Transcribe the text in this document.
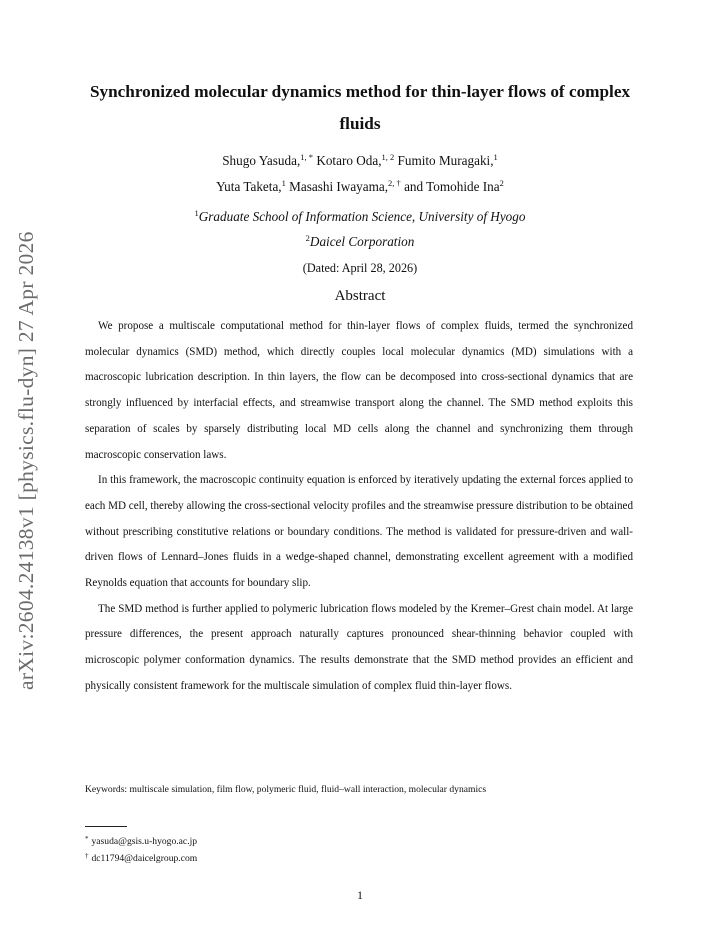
arXiv:2604.24138v1 [physics.flu-dyn] 27 Apr 2026
Synchronized molecular dynamics method for thin-layer flows of complex fluids
Shugo Yasuda,$^{1, *}$ Kotaro Oda,$^{1, 2}$ Fumito Muragaki,$^1$
Yuta Taketa,$^1$ Masashi Iwayama,$^{2, \dagger}$ and Tomohide Ina$^2$
$^1$Graduate School of Information Science, University of Hyogo
$^2$Daicel Corporation
(Dated: April 28, 2026)
Abstract

We propose a multiscale computational method for thin-layer flows of complex fluids, termed the synchronized molecular dynamics (SMD) method, which directly couples local molecular dynamics (MD) simulations with a macroscopic lubrication description. In thin layers, the flow can be decomposed into cross-sectional dynamics that are strongly influenced by interfacial effects, and streamwise transport along the channel. The SMD method exploits this separation of scales by sparsely distributing local MD cells along the channel and synchronizing them through macroscopic conservation laws.

In this framework, the macroscopic continuity equation is enforced by iteratively updating the external forces applied to each MD cell, thereby allowing the cross-sectional velocity profiles and the streamwise pressure distribution to be obtained without prescribing constitutive relations or boundary conditions. The method is validated for pressure-driven and wall-driven flows of Lennard–Jones fluids in a wedge-shaped channel, demonstrating excellent agreement with a modified Reynolds equation that accounts for boundary slip.

The SMD method is further applied to polymeric lubrication flows modeled by the Kremer–Grest chain model. At large pressure differences, the present approach naturally captures pronounced shear-thinning behavior coupled with microscopic polymer conformation dynamics. The results demonstrate that the SMD method provides an efficient and physically consistent framework for the multiscale simulation of complex fluid thin-layer flows.

Keywords: multiscale simulation, film flow, polymeric fluid, fluid–wall interaction, molecular dynamics
* yasuda@gsis.u-hyogo.ac.jp
† dc11794@daicelgroup.com
1
